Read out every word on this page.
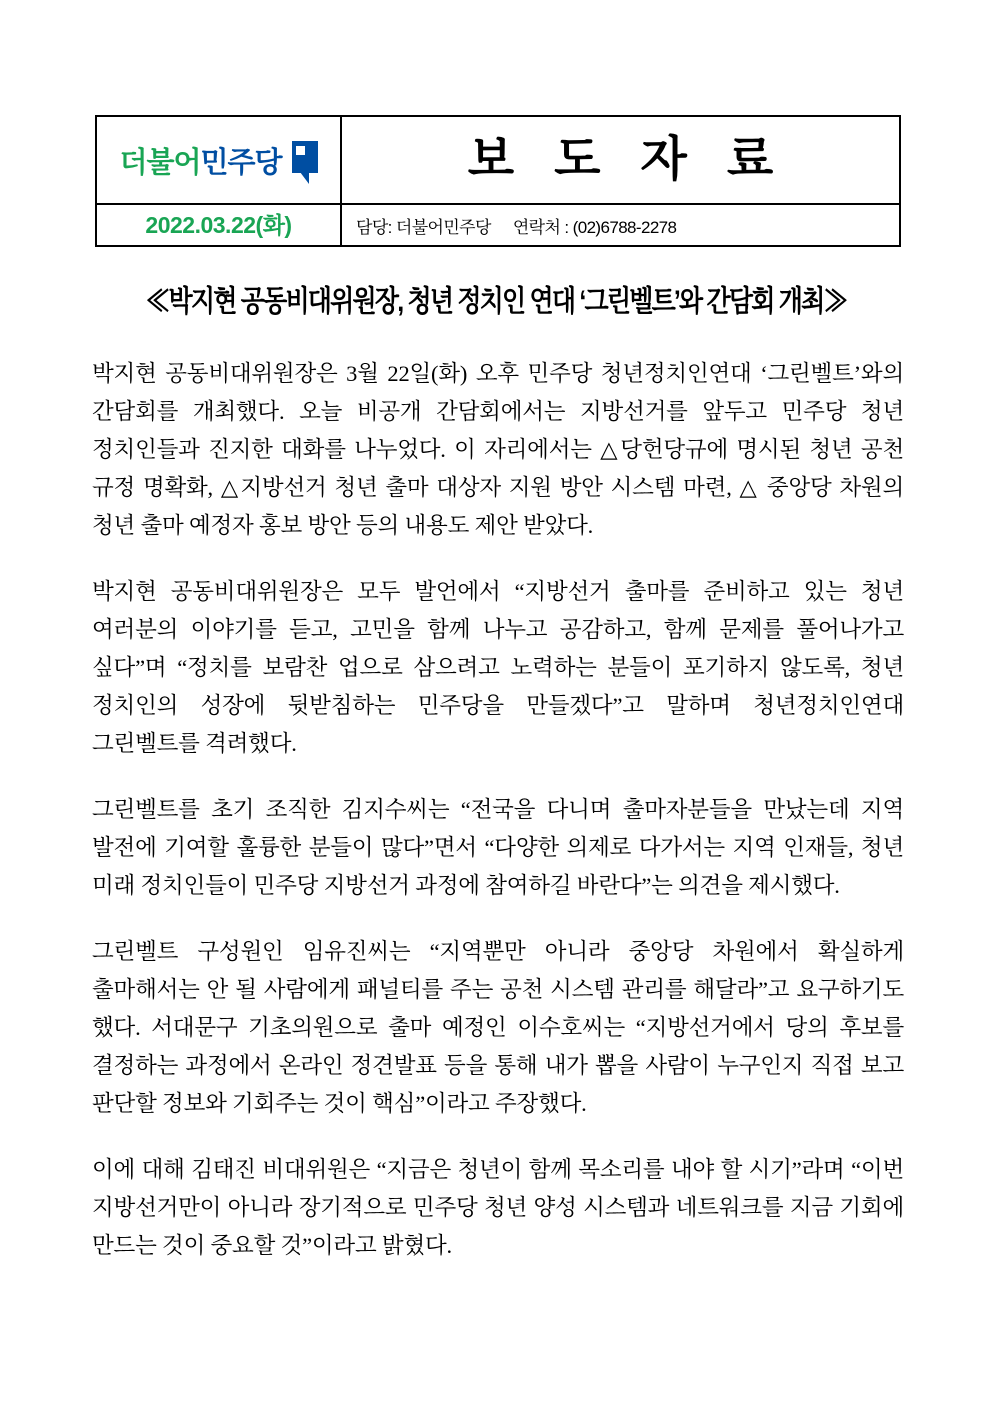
더불어민주당	보 도 자 료

2022.03.22(화)	담당: 더불어민주당 연락처 : (02)6788-2278
≪박지현 공동비대위원장, 청년 정치인 연대 ‘그린벨트’와 간담회 개최≫

박지현 공동비대위원장은 3월 22일(화) 오후 민주당 청년정치인연대 ‘그린벨트’와의 간담회를 개최했다. 오늘 비공개 간담회에서는 지방선거를 앞두고 민주당 청년 정치인들과 진지한 대화를 나누었다. 이 자리에서는 △당헌당규에 명시된 청년 공천 규정 명확화, △지방선거 청년 출마 대상자 지원 방안 시스템 마련, △ 중앙당 차원의 청년 출마 예정자 홍보 방안 등의 내용도 제안 받았다.

박지현 공동비대위원장은 모두 발언에서 “지방선거 출마를 준비하고 있는 청년 여러분의 이야기를 듣고, 고민을 함께 나누고 공감하고, 함께 문제를 풀어나가고 싶다”며 “정치를 보람찬 업으로 삼으려고 노력하는 분들이 포기하지 않도록, 청년 정치인의 성장에 뒷받침하는 민주당을 만들겠다”고 말하며 청년정치인연대 그린벨트를 격려했다.

그린벨트를 초기 조직한 김지수씨는 “전국을 다니며 출마자분들을 만났는데 지역 발전에 기여할 훌륭한 분들이 많다”면서 “다양한 의제로 다가서는 지역 인재들, 청년 미래 정치인들이 민주당 지방선거 과정에 참여하길 바란다”는 의견을 제시했다.

그린벨트 구성원인 임유진씨는 “지역뿐만 아니라 중앙당 차원에서 확실하게 출마해서는 안 될 사람에게 패널티를 주는 공천 시스템 관리를 해달라”고 요구하기도 했다. 서대문구 기초의원으로 출마 예정인 이수호씨는 “지방선거에서 당의 후보를 결정하는 과정에서 온라인 정견발표 등을 통해 내가 뽑을 사람이 누구인지 직접 보고 판단할 정보와 기회주는 것이 핵심”이라고 주장했다.

이에 대해 김태진 비대위원은 “지금은 청년이 함께 목소리를 내야 할 시기”라며 “이번 지방선거만이 아니라 장기적으로 민주당 청년 양성 시스템과 네트워크를 지금 기회에 만드는 것이 중요할 것”이라고 밝혔다.
